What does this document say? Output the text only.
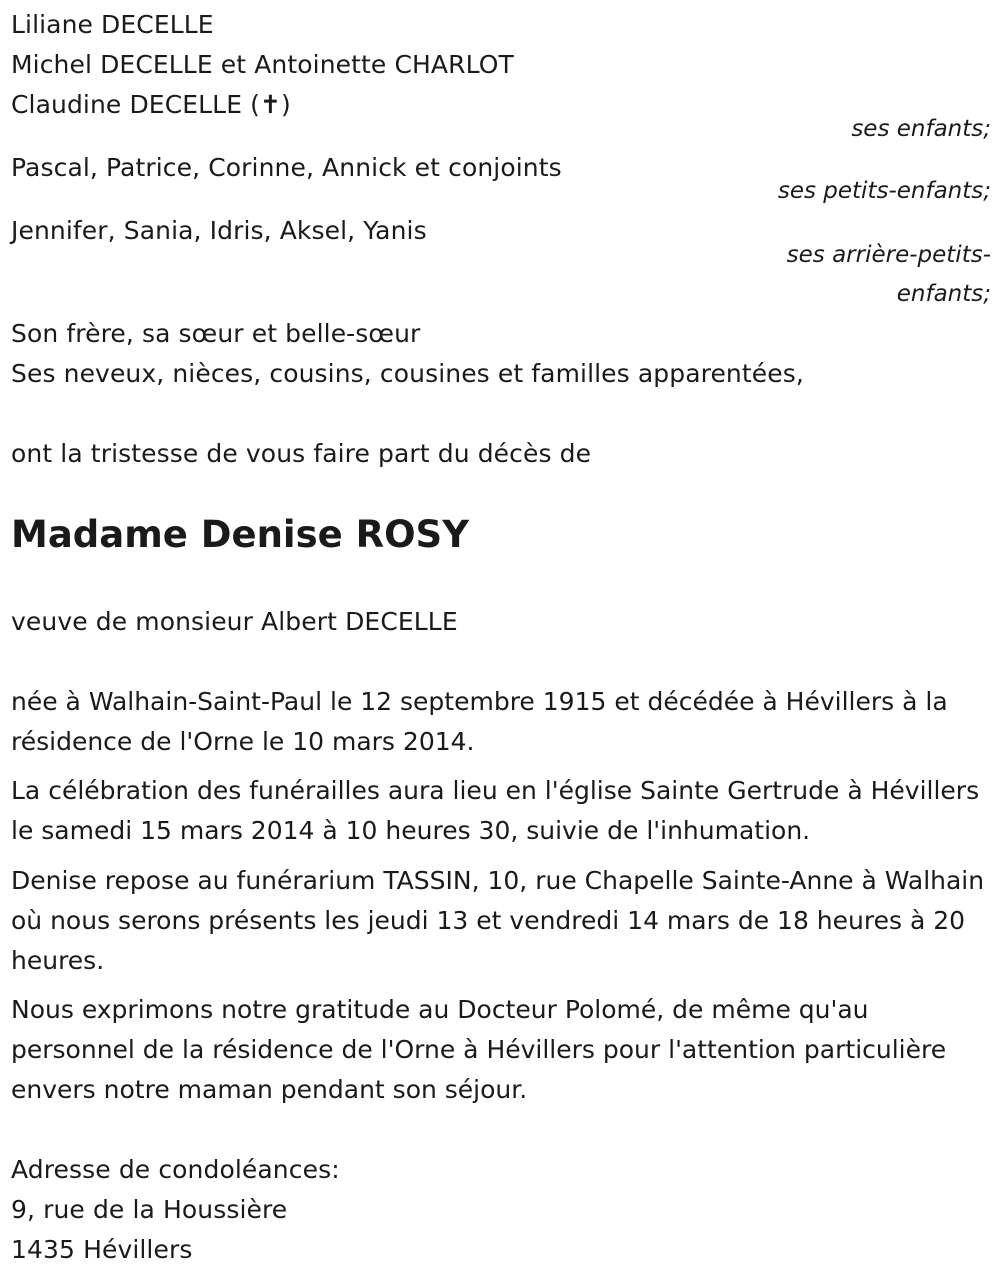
Liliane DECELLE
Michel DECELLE et Antoinette CHARLOT
Claudine DECELLE (✝)
ses enfants;
Pascal, Patrice, Corinne, Annick et conjoints
ses petits-enfants;
Jennifer, Sania, Idris, Aksel, Yanis
ses arrière-petits-
enfants;
Son frère, sa sœur et belle-sœur
Ses neveux, nièces, cousins, cousines et familles apparentées,
ont la tristesse de vous faire part du décès de
Madame Denise ROSY
veuve de monsieur Albert DECELLE
née à Walhain-Saint-Paul le 12 septembre 1915 et décédée à Hévillers à la résidence de l'Orne le 10 mars 2014.
La célébration des funérailles aura lieu en l'église Sainte Gertrude à Hévillers le samedi 15 mars 2014 à 10 heures 30, suivie de l'inhumation.
Denise repose au funérarium TASSIN, 10, rue Chapelle Sainte-Anne à Walhain où nous serons présents les jeudi 13 et vendredi 14 mars de 18 heures à 20 heures.
Nous exprimons notre gratitude au Docteur Polomé, de même qu'au personnel de la résidence de l'Orne à Hévillers pour l'attention particulière envers notre maman pendant son séjour.
Adresse de condoléances:
9, rue de la Houssière
1435 Hévillers
